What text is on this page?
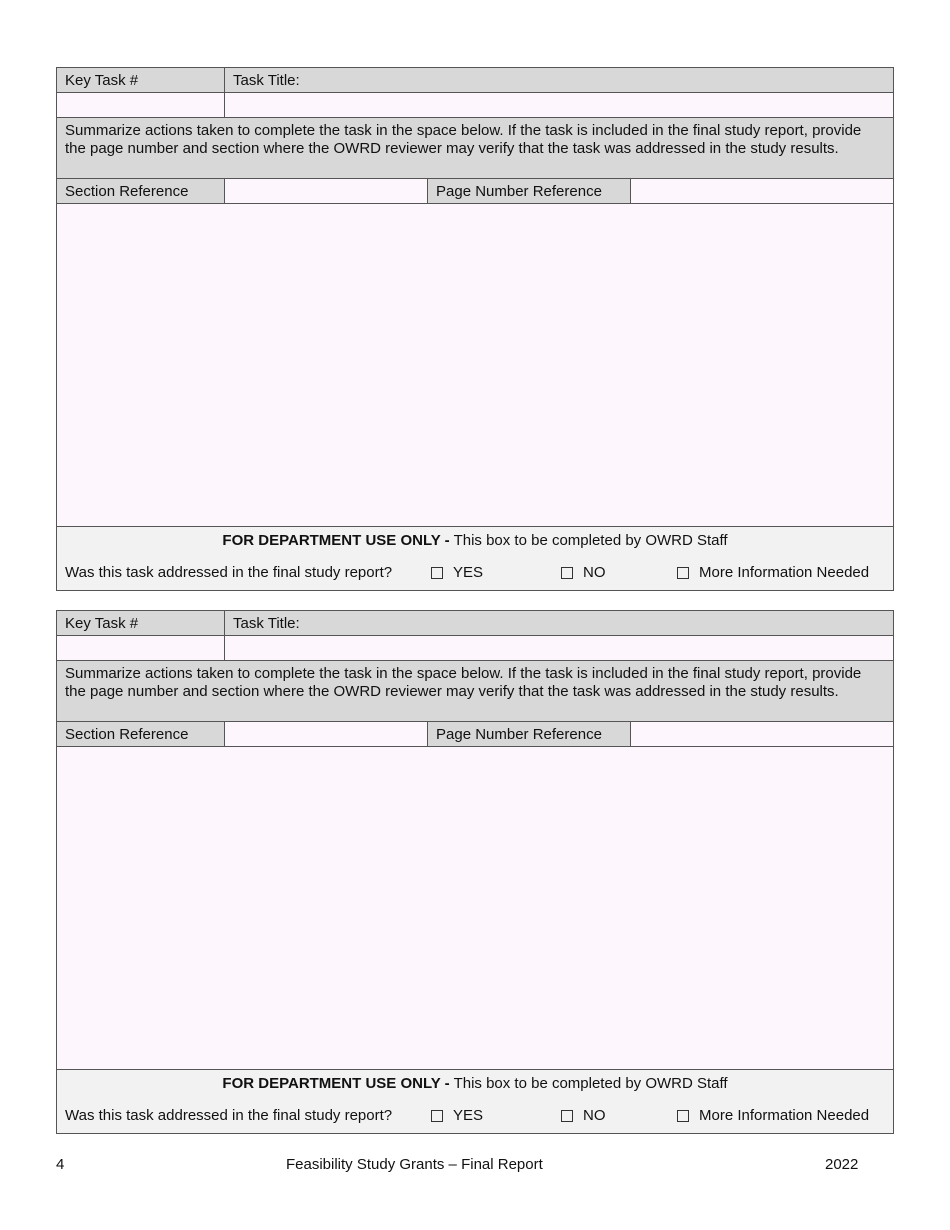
Key Task #	Task Title:
Summarize actions taken to complete the task in the space below. If the task is included in the final study report, provide the page number and section where the OWRD reviewer may verify that the task was addressed in the study results.
Section Reference	Page Number Reference
FOR DEPARTMENT USE ONLY - This box to be completed by OWRD Staff
Was this task addressed in the final study report?	YES	NO	More Information Needed
Key Task #	Task Title:
Summarize actions taken to complete the task in the space below. If the task is included in the final study report, provide the page number and section where the OWRD reviewer may verify that the task was addressed in the study results.
Section Reference	Page Number Reference
FOR DEPARTMENT USE ONLY - This box to be completed by OWRD Staff
Was this task addressed in the final study report?	YES	NO	More Information Needed
4	Feasibility Study Grants – Final Report	2022
